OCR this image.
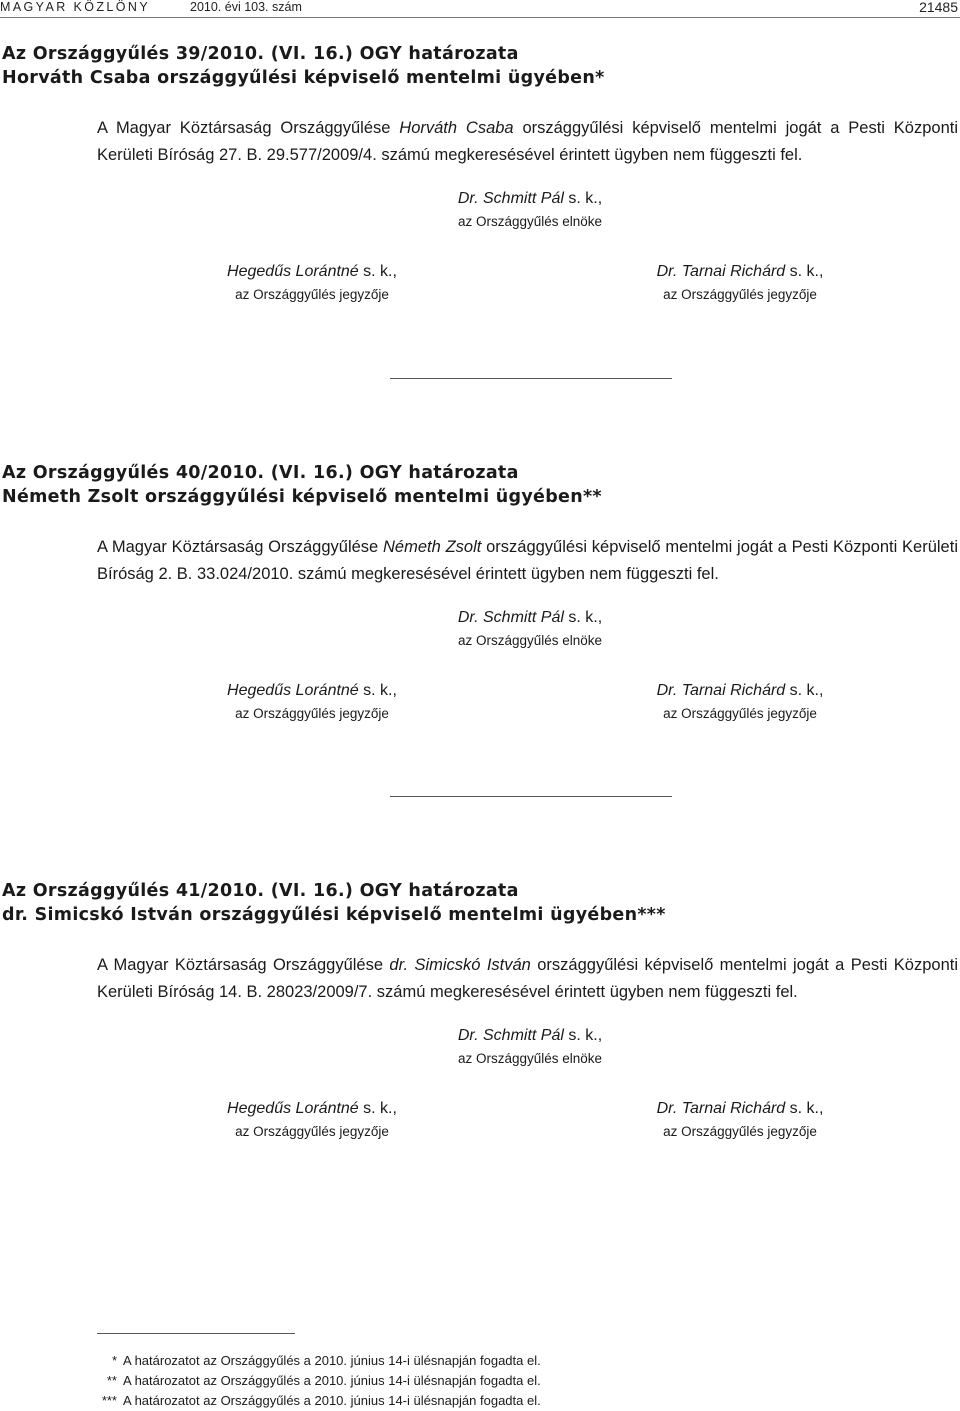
MAGYAR KÖZLÖNY	2010. évi 103. szám	21485
Az Országgyűlés 39/2010. (VI. 16.) OGY határozata
Horváth Csaba országgyűlési képviselő mentelmi ügyében*

A Magyar Köztársaság Országgyűlése Horváth Csaba országgyűlési képviselő mentelmi jogát a Pesti Központi Kerületi Bíróság 27. B. 29.577/2009/4. számú megkeresésével érintett ügyben nem függeszti fel.

Dr. Schmitt Pál s. k.,
az Országgyűlés elnöke
Hegedűs Lorántné s. k.,
az Országgyűlés jegyzője
Dr. Tarnai Richárd s. k.,
az Országgyűlés jegyzője
Az Országgyűlés 40/2010. (VI. 16.) OGY határozata
Németh Zsolt országgyűlési képviselő mentelmi ügyében**

A Magyar Köztársaság Országgyűlése Németh Zsolt országgyűlési képviselő mentelmi jogát a Pesti Központi Kerületi Bíróság 2. B. 33.024/2010. számú megkeresésével érintett ügyben nem függeszti fel.

Dr. Schmitt Pál s. k.,
az Országgyűlés elnöke
Hegedűs Lorántné s. k.,
az Országgyűlés jegyzője
Dr. Tarnai Richárd s. k.,
az Országgyűlés jegyzője
Az Országgyűlés 41/2010. (VI. 16.) OGY határozata
dr. Simicskó István országgyűlési képviselő mentelmi ügyében***

A Magyar Köztársaság Országgyűlése dr. Simicskó István országgyűlési képviselő mentelmi jogát a Pesti Központi Kerületi Bíróság 14. B. 28023/2009/7. számú megkeresésével érintett ügyben nem függeszti fel.

Dr. Schmitt Pál s. k.,
az Országgyűlés elnöke
Hegedűs Lorántné s. k.,
az Országgyűlés jegyzője
Dr. Tarnai Richárd s. k.,
az Országgyűlés jegyzője
* A határozatot az Országgyűlés a 2010. június 14-i ülésnapján fogadta el.
** A határozatot az Országgyűlés a 2010. június 14-i ülésnapján fogadta el.
*** A határozatot az Országgyűlés a 2010. június 14-i ülésnapján fogadta el.
